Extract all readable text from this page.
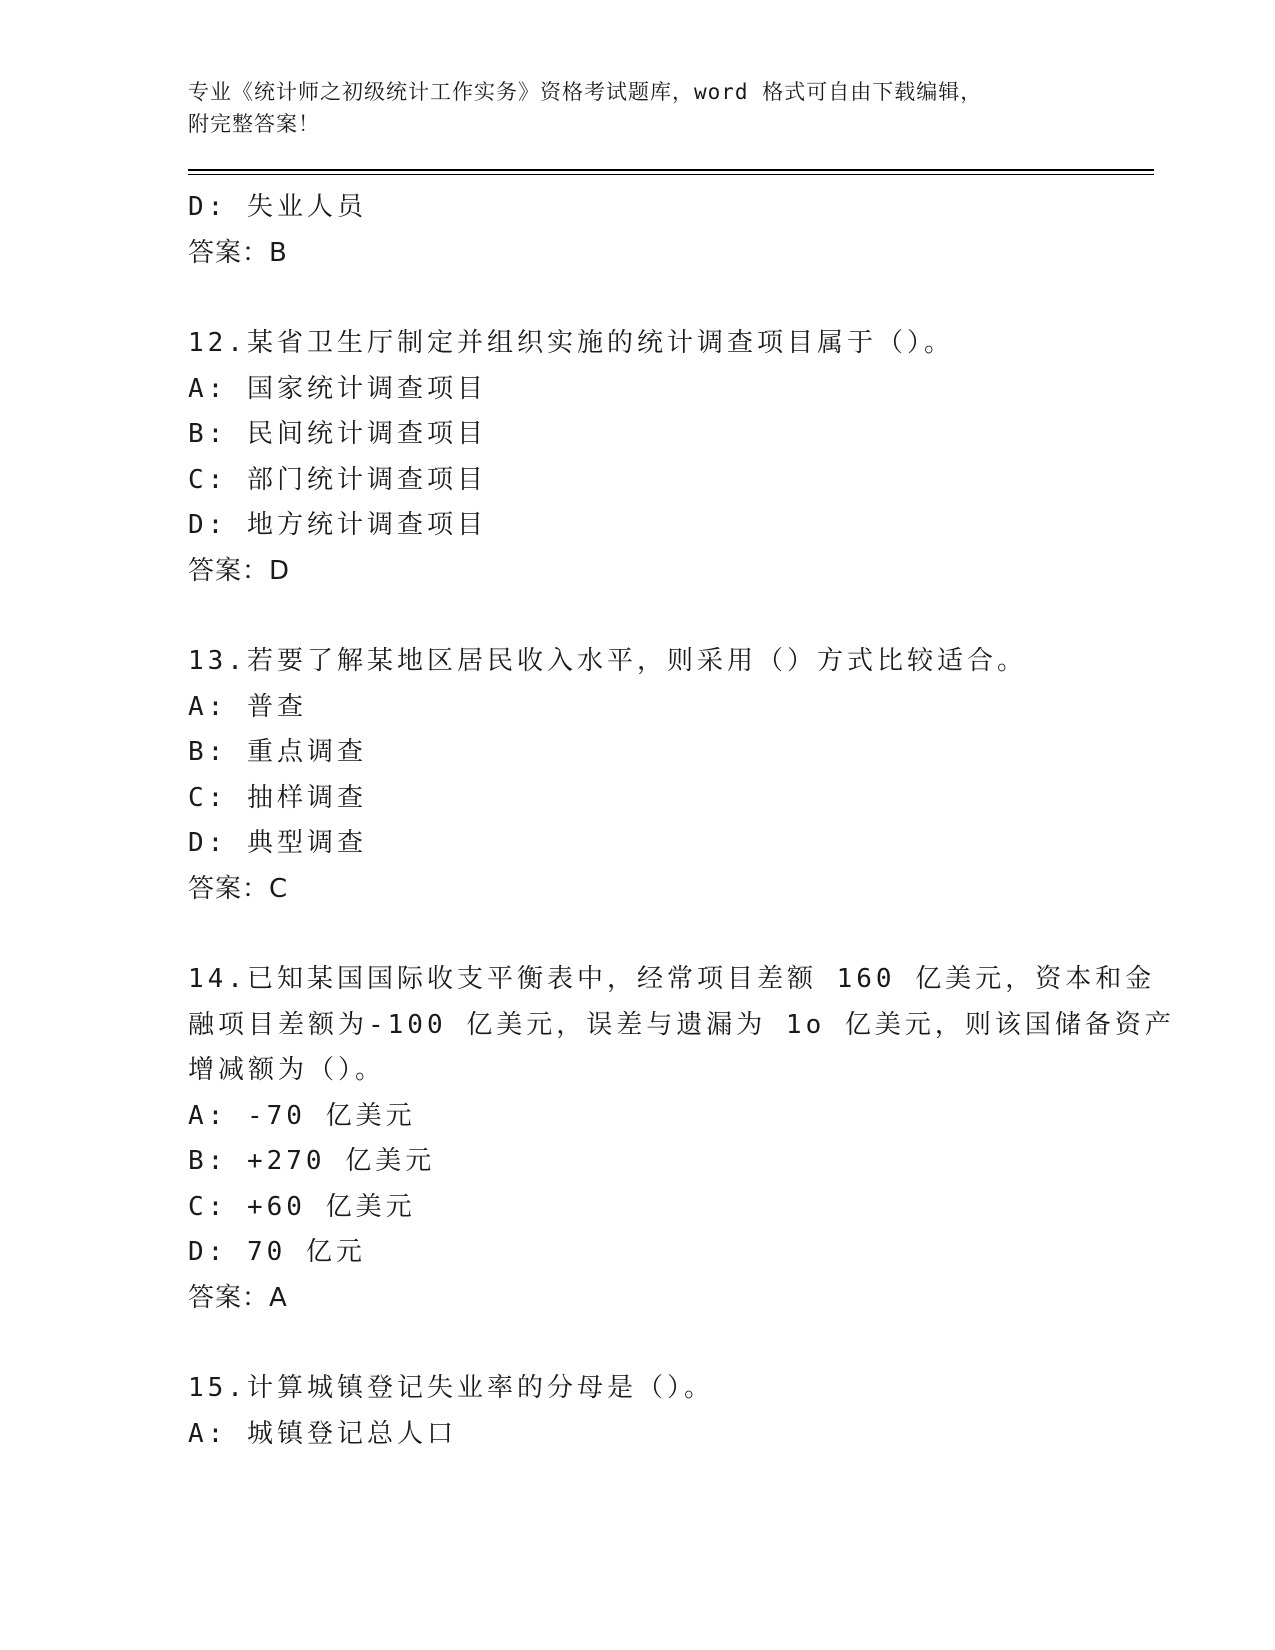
专业《统计师之初级统计工作实务》资格考试题库，word 格式可自由下载编辑，
附完整答案！
D: 失业人员
答案：B
12.某省卫生厅制定并组织实施的统计调查项目属于（）。
A: 国家统计调查项目
B: 民间统计调查项目
C: 部门统计调查项目
D: 地方统计调查项目
答案：D
13.若要了解某地区居民收入水平，则采用（）方式比较适合。
A: 普查
B: 重点调查
C: 抽样调查
D: 典型调查
答案：C
14.已知某国国际收支平衡表中，经常项目差额 160 亿美元，资本和金
融项目差额为-100 亿美元，误差与遗漏为 1o 亿美元，则该国储备资产
增减额为（）。
A: -70 亿美元
B: +270 亿美元
C: +60 亿美元
D: 70 亿元
答案：A
15.计算城镇登记失业率的分母是（）。
A: 城镇登记总人口
